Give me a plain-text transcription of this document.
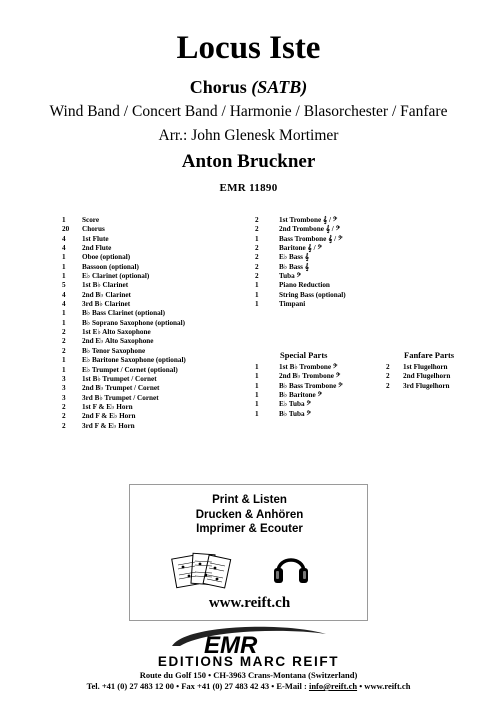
Locus Iste
Chorus (SATB)
Wind Band / Concert Band / Harmonie / Blasorchester / Fanfare
Arr.: John Glenesk Mortimer
Anton Bruckner
EMR 11890
1 Score
20 Chorus
4 1st Flute
4 2nd Flute
1 Oboe (optional)
1 Bassoon (optional)
1 E♭ Clarinet (optional)
5 1st B♭ Clarinet
4 2nd B♭ Clarinet
4 3rd B♭ Clarinet
1 B♭ Bass Clarinet (optional)
1 B♭ Soprano Saxophone (optional)
2 1st E♭ Alto Saxophone
2 2nd E♭ Alto Saxophone
2 B♭ Tenor Saxophone
1 E♭ Baritone Saxophone (optional)
1 E♭ Trumpet / Cornet (optional)
3 1st B♭ Trumpet / Cornet
3 2nd B♭ Trumpet / Cornet
3 3rd B♭ Trumpet / Cornet
2 1st F & E♭ Horn
2 2nd F & E♭ Horn
2 3rd F & E♭ Horn
2	1st Trombone 𝄞 / 𝄢
2	2nd Trombone 𝄞 / 𝄢
1	Bass Trombone 𝄞 / 𝄢
2	Baritone 𝄞 / 𝄢
2	E♭ Bass 𝄞
2	B♭ Bass 𝄞
2	Tuba 𝄢
1	Piano Reduction
1	String Bass (optional)
1	Timpani
Special Parts	Fanfare Parts
1	1st B♭ Trombone 𝄢
1	2nd B♭ Trombone 𝄢
1	B♭ Bass Trombone 𝄢
1	B♭ Baritone 𝄢
1	E♭ Tuba 𝄢
1	B♭ Tuba 𝄢
2 1st Flugelhorn
2 2nd Flugelhorn
2 3rd Flugelhorn
Print & Listen
Drucken & Anhören
Imprimer & Ecouter
www.reift.ch
EMR
EDITIONS MARC REIFT
Route du Golf 150 • CH-3963 Crans-Montana (Switzerland)
Tel. +41 (0) 27 483 12 00 • Fax +41 (0) 27 483 42 43 • E-Mail : info@reift.ch • www.reift.ch
